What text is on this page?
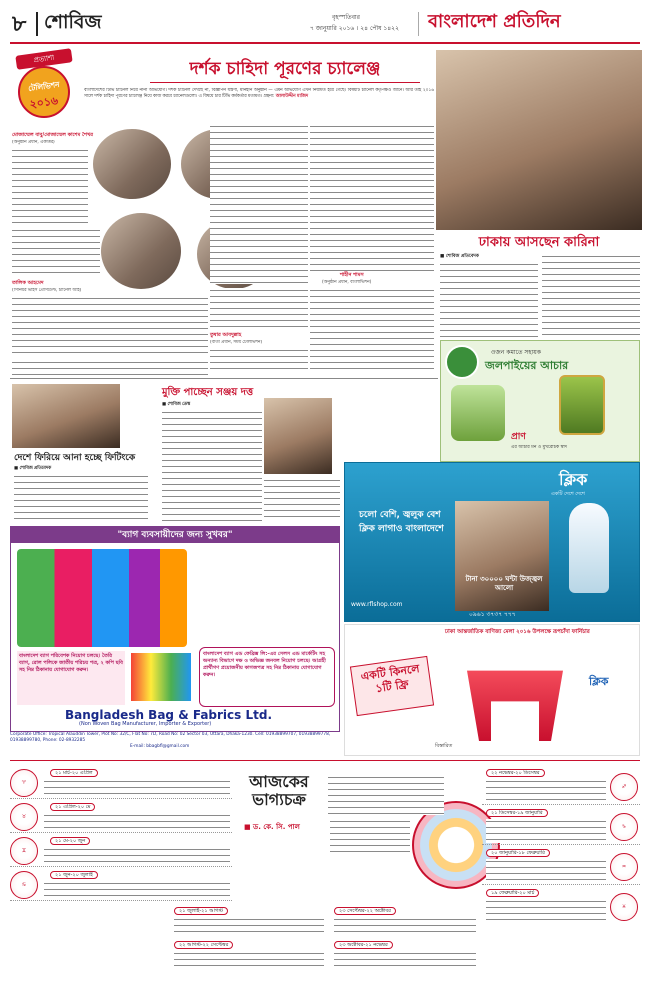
৮ শোবিজ	বৃহস্পতিবার
৭ জানুয়ারি ২০১৬ । ২৪ পৌষ ১৪২২ বাংলাদেশ প্রতিদিন
প্রত্যাশা
টেলিভিশন
২০১৬
দর্শক চাহিদা পূরণের চ্যালেঞ্জ
বাংলাদেশের টিভি চ্যানেল নিয়ে নানা অভিযোগ। দর্শক চ্যানেল দেখছে না, বিজ্ঞাপন যন্ত্রণা, মানহীন অনুষ্ঠান — এমন অভিযোগ এখন নিয়মিত হয়ে গেছে। বিষয়টি চ্যানেল কর্তৃপক্ষও জানে। আর তাই ২০১৬ সালে দর্শক চাহিদা পূরণের চ্যালেঞ্জ নিয়ে কাজ করবে চ্যানেলগুলো। এ বিষয়ে চার টিভি কর্মকর্তার মতামত। গ্রন্থনা: আলাউদ্দীন মাজিদ
মোজাম্মেল বাবু/মোজাম্মেল কাশেম শৈখর
(অনুষ্ঠান প্রধান, একাত্তর)
তালিক আহমেদ
(সিনিয়র ভাইস প্রেসিডেন্ট, চ্যানেল আই)
শাহীন শামস
(অনুষ্ঠান প্রধান, বাংলাভিশন)
তুষার আবদুল্লাহ
(বার্তা প্রধান, সময় টেলিভিশন)
ঢাকায় আসছেন কারিনা
■ শোবিজ প্রতিবেদক
ওজন কমাতে সহায়ক
জলপাইয়ের আচার
প্রাণ
এর আচার মন ও মুখরোচক স্বাদ
দেশে ফিরিয়ে আনা হচ্ছে ফিটিংকে
■ শোবিজ প্রতিবেদক
মুক্তি পাচ্ছেন সঞ্জয় দত্ত
■ শোবিজ ডেস্ক
ক্লিক
একটি দেশে দেশে
চলো বেশি, জ্বলুক বেশ
ক্লিক লাগাও বাংলাদেশে
টানা ৩০০০০ ঘন্টা উজ্জ্বল আলো
www.rflshop.com
০৯৬১ ৩৭৩৭ ৭৭৭
"ব্যাগ ব্যবসায়ীদের জন্য সুখবর"
বাংলাদেশ ব্যাগ পরিবেশক নিয়োগ চলছে। তৈরি ব্যাগ, রোল পলিকে জাতীয় পরিচয় পত্র, ২ কপি ছবি সহ নিম্ন ঠিকানায় যোগাযোগ করুন।
বাংলাদেশ ব্যাগ এন্ড ফেব্রিক্স লি:-এর সেলস এন্ড মার্কেটিং সহ অন্যান্য বিভাগে দক্ষ ও অভিজ্ঞ জনবল নিয়োগ চলছে। আগ্রহী প্রার্থীগণ প্রয়োজনীয় কাগজপত্র সহ নিম্ন ঠিকানায় যোগাযোগ করুন।
Bangladesh Bag & Fabrics Ltd.
(Non Woven Bag Manufacturer, Importer & Exporter)
Corporate Office: Tropical Alauddin Tower, Plot No: 32/C, Flat No: 7D, Road No: 02 Sector 03, Uttara, Dhaka-1230. Cell: 01938899707, 01938899778, 01938899780, Phone: 02-8932285
E-mail: bbagbfl@gmail.com
ঢাকা আন্তর্জাতিক বাণিজ্য মেলা ২০১৬ উপলক্ষে রূপচাঁদা ফার্নিচার
একটি কিনলে ১টি ফ্রি	ক্লিক
বিস্তারিত
আজকের ভাগ্যচক্র
■ ড. কে. সি. পাল
২১ মার্চ-২০ এপ্রিল
♈
২১ এপ্রিল-২০ মে
♉
২১ মে-২০ জুন
♊
২১ জুন-২০ জুলাই
♋
২১ জুলাই-২১ আগস্ট
২২ আগস্ট-২২ সেপ্টেম্বর
২৩ সেপ্টেম্বর-২২ অক্টোবর
২৩ অক্টোবর-২১ নভেম্বর
২২ নভেম্বর-২০ ডিসেম্বর
♐
২১ ডিসেম্বর-১৯ জানুয়ারি
♑
২০ জানুয়ারি-১৮ ফেব্রুয়ারি
♒
১৯ ফেব্রুয়ারি-২০ মার্চ
♓
